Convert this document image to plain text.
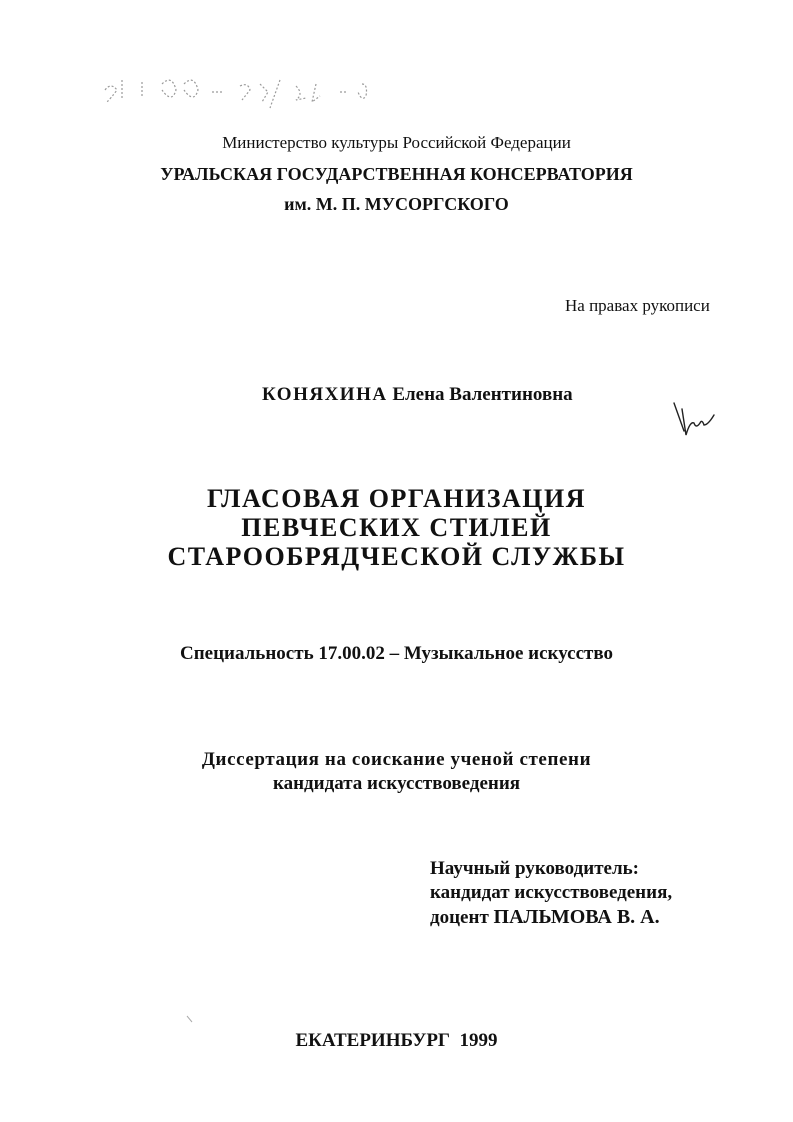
Министерство культуры Российской Федерации
УРАЛЬСКАЯ ГОСУДАРСТВЕННАЯ КОНСЕРВАТОРИЯ
им. М. П. МУСОРГСКОГО
На правах рукописи
КОНЯХИНА Елена Валентиновна
ГЛАСОВАЯ ОРГАНИЗАЦИЯ
ПЕВЧЕСКИХ СТИЛЕЙ
СТАРООБРЯДЧЕСКОЙ СЛУЖБЫ
Специальность 17.00.02 – Музыкальное искусство
Диссертация на соискание ученой степени
кандидата искусствоведения
Научный руководитель:
кандидат искусствоведения,
доцент ПАЛЬМОВА В. А.
ЕКАТЕРИНБУРГ  1999
